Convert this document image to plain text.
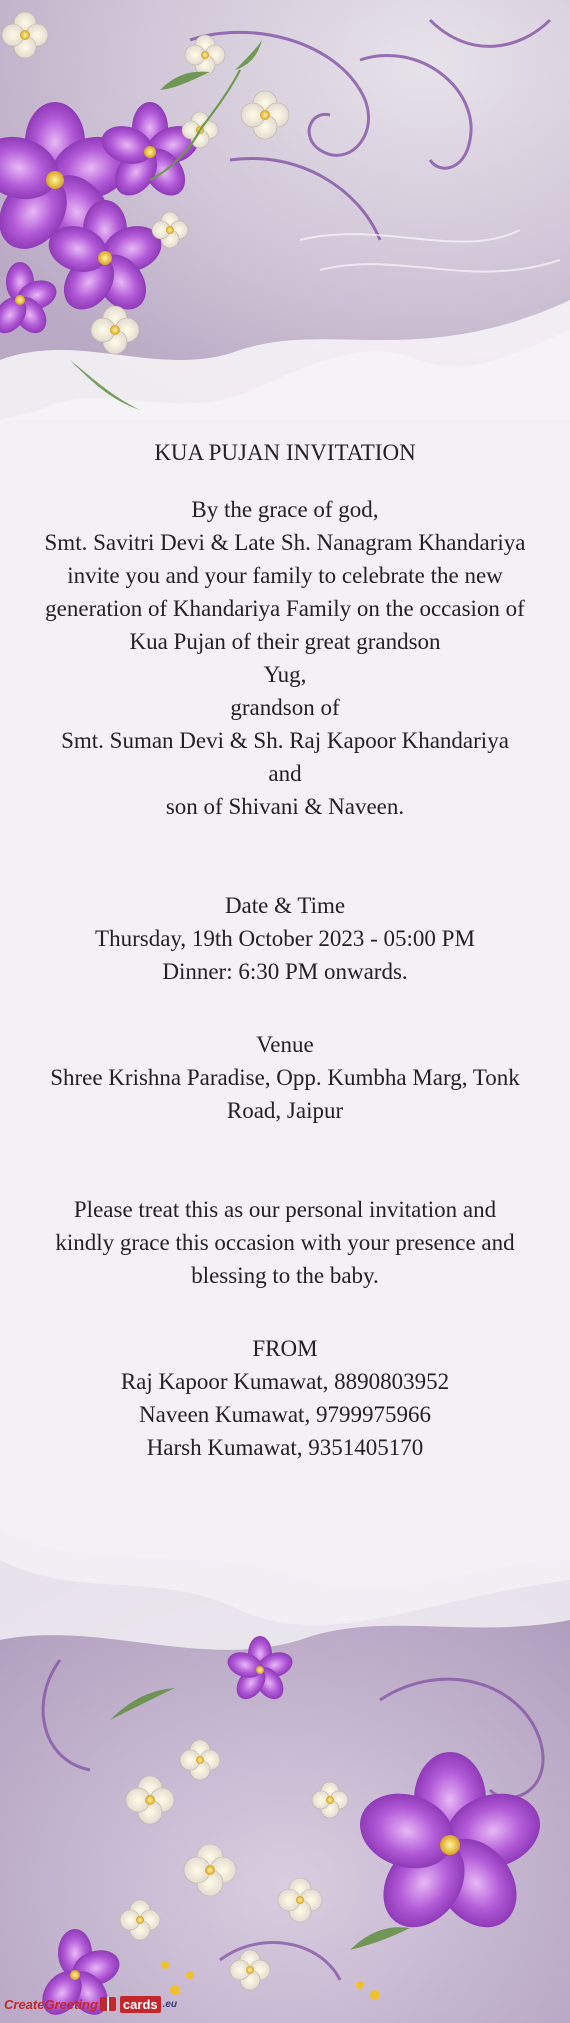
KUA PUJAN INVITATION
By the grace of god,
Smt. Savitri Devi & Late Sh. Nanagram Khandariya
invite you and your family to celebrate the new
generation of Khandariya Family on the occasion of
Kua Pujan of their great grandson
Yug,
grandson of
Smt. Suman Devi & Sh. Raj Kapoor Khandariya
and
son of Shivani & Naveen.
Date & Time
Thursday, 19th October 2023 - 05:00 PM
Dinner: 6:30 PM onwards.
Venue
Shree Krishna Paradise, Opp. Kumbha Marg, Tonk
Road, Jaipur
Please treat this as our personal invitation and
kindly grace this occasion with your presence and
blessing to the baby.
FROM
Raj Kapoor Kumawat, 8890803952
Naveen Kumawat, 9799975966
Harsh Kumawat, 9351405170
CreateGreeting cards .eu
